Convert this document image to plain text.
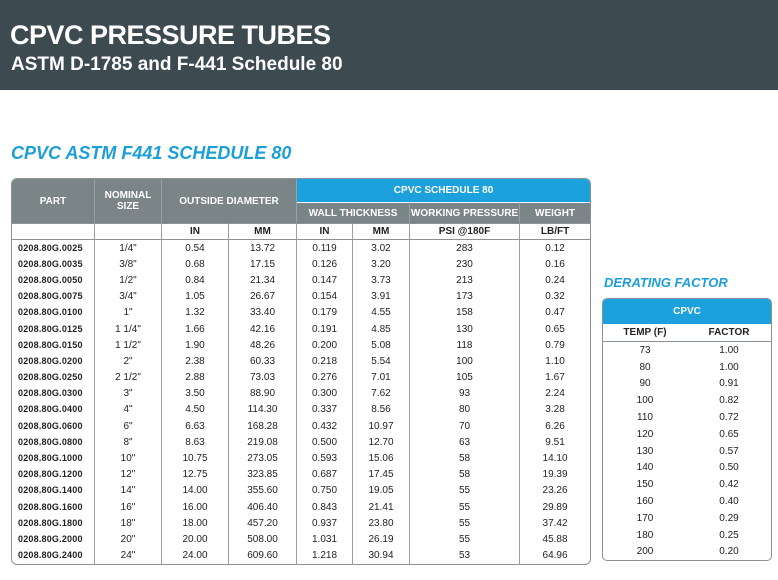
CPVC PRESSURE TUBES
ASTM D-1785 and F-441 Schedule 80
CPVC ASTM F441 SCHEDULE 80
PART	NOMINAL SIZE	OUTSIDE DIAMETER		CPVC SCHEDULE 80			
				WALL THICKNESS		WORKING PRESSURE	WEIGHT
		IN	MM	IN	MM	PSI @180F	LB/FT
0208.80G.0025	1/4"	0.54	13.72	0.119	3.02	283	0.12
0208.80G.0035	3/8"	0.68	17.15	0.126	3.20	230	0.16
0208.80G.0050	1/2"	0.84	21.34	0.147	3.73	213	0.24
0208.80G.0075	3/4"	1.05	26.67	0.154	3.91	173	0.32
0208.80G.0100	1"	1.32	33.40	0.179	4.55	158	0.47
0208.80G.0125	1 1/4"	1.66	42.16	0.191	4.85	130	0.65
0208.80G.0150	1 1/2"	1.90	48.26	0.200	5.08	118	0.79
0208.80G.0200	2"	2.38	60.33	0.218	5.54	100	1.10
0208.80G.0250	2 1/2"	2.88	73.03	0.276	7.01	105	1.67
0208.80G.0300	3"	3.50	88.90	0.300	7.62	93	2.24
0208.80G.0400	4"	4.50	114.30	0.337	8.56	80	3.28
0208.80G.0600	6"	6.63	168.28	0.432	10.97	70	6.26
0208.80G.0800	8"	8.63	219.08	0.500	12.70	63	9.51
0208.80G.1000	10"	10.75	273.05	0.593	15.06	58	14.10
0208.80G.1200	12"	12.75	323.85	0.687	17.45	58	19.39
0208.80G.1400	14"	14.00	355.60	0.750	19.05	55	23.26
0208.80G.1600	16"	16.00	406.40	0.843	21.41	55	29.89
0208.80G.1800	18"	18.00	457.20	0.937	23.80	55	37.42
0208.80G.2000	20"	20.00	508.00	1.031	26.19	55	45.88
0208.80G.2400	24"	24.00	609.60	1.218	30.94	53	64.96
DERATING FACTOR
CPVC	
TEMP (F)	FACTOR
73	1.00
80	1.00
90	0.91
100	0.82
110	0.72
120	0.65
130	0.57
140	0.50
150	0.42
160	0.40
170	0.29
180	0.25
200	0.20
